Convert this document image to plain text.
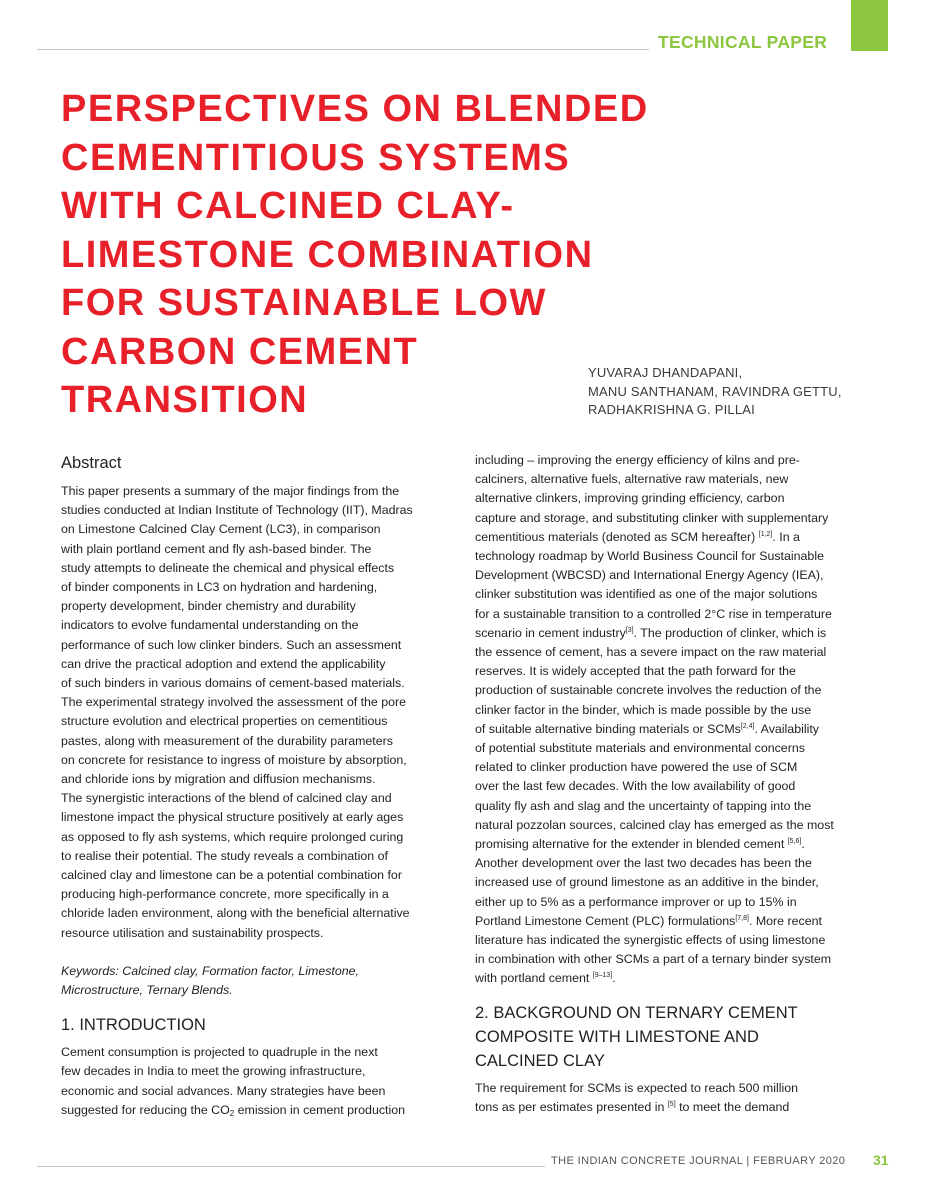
TECHNICAL PAPER
PERSPECTIVES ON BLENDED
CEMENTITIOUS SYSTEMS
WITH CALCINED CLAY-
LIMESTONE COMBINATION
FOR SUSTAINABLE LOW
CARBON CEMENT
TRANSITION
YUVARAJ DHANDAPANI,
MANU SANTHANAM, RAVINDRA GETTU,
RADHAKRISHNA G. PILLAI
Abstract
This paper presents a summary of the major findings from the
studies conducted at Indian Institute of Technology (IIT), Madras
on Limestone Calcined Clay Cement (LC3), in comparison
with plain portland cement and fly ash-based binder. The
study attempts to delineate the chemical and physical effects
of binder components in LC3 on hydration and hardening,
property development, binder chemistry and durability
indicators to evolve fundamental understanding on the
performance of such low clinker binders. Such an assessment
can drive the practical adoption and extend the applicability
of such binders in various domains of cement-based materials.
The experimental strategy involved the assessment of the pore
structure evolution and electrical properties on cementitious
pastes, along with measurement of the durability parameters
on concrete for resistance to ingress of moisture by absorption,
and chloride ions by migration and diffusion mechanisms.
The synergistic interactions of the blend of calcined clay and
limestone impact the physical structure positively at early ages
as opposed to fly ash systems, which require prolonged curing
to realise their potential. The study reveals a combination of
calcined clay and limestone can be a potential combination for
producing high-performance concrete, more specifically in a
chloride laden environment, along with the beneficial alternative
resource utilisation and sustainability prospects.
Keywords: Calcined clay, Formation factor, Limestone,
Microstructure, Ternary Blends.
1. INTRODUCTION
Cement consumption is projected to quadruple in the next
few decades in India to meet the growing infrastructure,
economic and social advances. Many strategies have been
suggested for reducing the $CO_2$ emission in cement production
including – improving the energy efficiency of kilns and pre-
calciners, alternative fuels, alternative raw materials, new
alternative clinkers, improving grinding efficiency, carbon
capture and storage, and substituting clinker with supplementary
cementitious materials (denoted as SCM hereafter) [1,2]. In a
technology roadmap by World Business Council for Sustainable
Development (WBCSD) and International Energy Agency (IEA),
clinker substitution was identified as one of the major solutions
for a sustainable transition to a controlled 2°C rise in temperature
scenario in cement industry[3]. The production of clinker, which is
the essence of cement, has a severe impact on the raw material
reserves. It is widely accepted that the path forward for the
production of sustainable concrete involves the reduction of the
clinker factor in the binder, which is made possible by the use
of suitable alternative binding materials or SCMs[2,4]. Availability
of potential substitute materials and environmental concerns
related to clinker production have powered the use of SCM
over the last few decades. With the low availability of good
quality fly ash and slag and the uncertainty of tapping into the
natural pozzolan sources, calcined clay has emerged as the most
promising alternative for the extender in blended cement [5,6].
Another development over the last two decades has been the
increased use of ground limestone as an additive in the binder,
either up to 5% as a performance improver or up to 15% in
Portland Limestone Cement (PLC) formulations[7,8]. More recent
literature has indicated the synergistic effects of using limestone
in combination with other SCMs a part of a ternary binder system
with portland cement [9–13].
2. BACKGROUND ON TERNARY CEMENT
COMPOSITE WITH LIMESTONE AND
CALCINED CLAY
The requirement for SCMs is expected to reach 500 million
tons as per estimates presented in [5] to meet the demand
THE INDIAN CONCRETE JOURNAL | FEBRUARY 2020 31
